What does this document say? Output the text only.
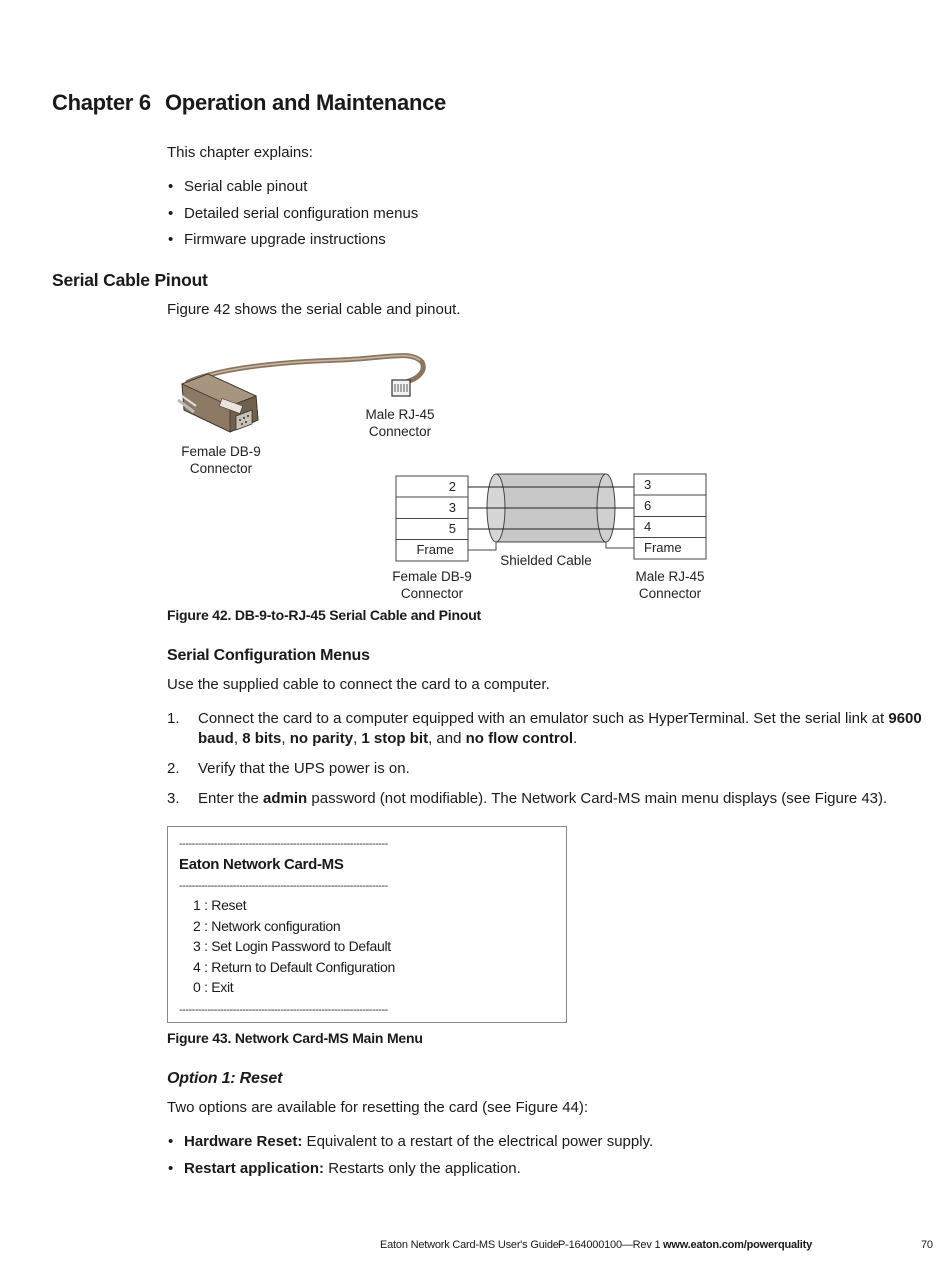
Chapter 6 Operation and Maintenance
This chapter explains:
• Serial cable pinout
• Detailed serial configuration menus
• Firmware upgrade instructions
Serial Cable Pinout
Figure 42 shows the serial cable and pinout.
Male RJ-45
Connector
Female DB-9
Connector
2
3
5
Frame
3
6
4
Frame
Shielded Cable
Female DB-9
Connector
Male RJ-45
Connector
Figure 42. DB-9-to-RJ-45 Serial Cable and Pinout
Serial Configuration Menus
Use the supplied cable to connect the card to a computer.
1. Connect the card to a computer equipped with an emulator such as HyperTerminal. Set the serial link at 9600 baud, 8 bits, no parity, 1 stop bit, and no flow control.
2. Verify that the UPS power is on.
3. Enter the admin password (not modifiable). The Network Card-MS main menu displays (see Figure 43).
------------------------------------------------------------------
Eaton Network Card-MS
------------------------------------------------------------------
1 : Reset
2 : Network configuration
3 : Set Login Password to Default
4 : Return to Default Configuration
0 : Exit
------------------------------------------------------------------
Figure 43. Network Card-MS Main Menu
Option 1: Reset
Two options are available for resetting the card (see Figure 44):
• Hardware Reset: Equivalent to a restart of the electrical power supply.
• Restart application: Restarts only the application.
Eaton Network Card-MS User's Guide P-164000100—Rev 1 www.eaton.com/powerquality	70
